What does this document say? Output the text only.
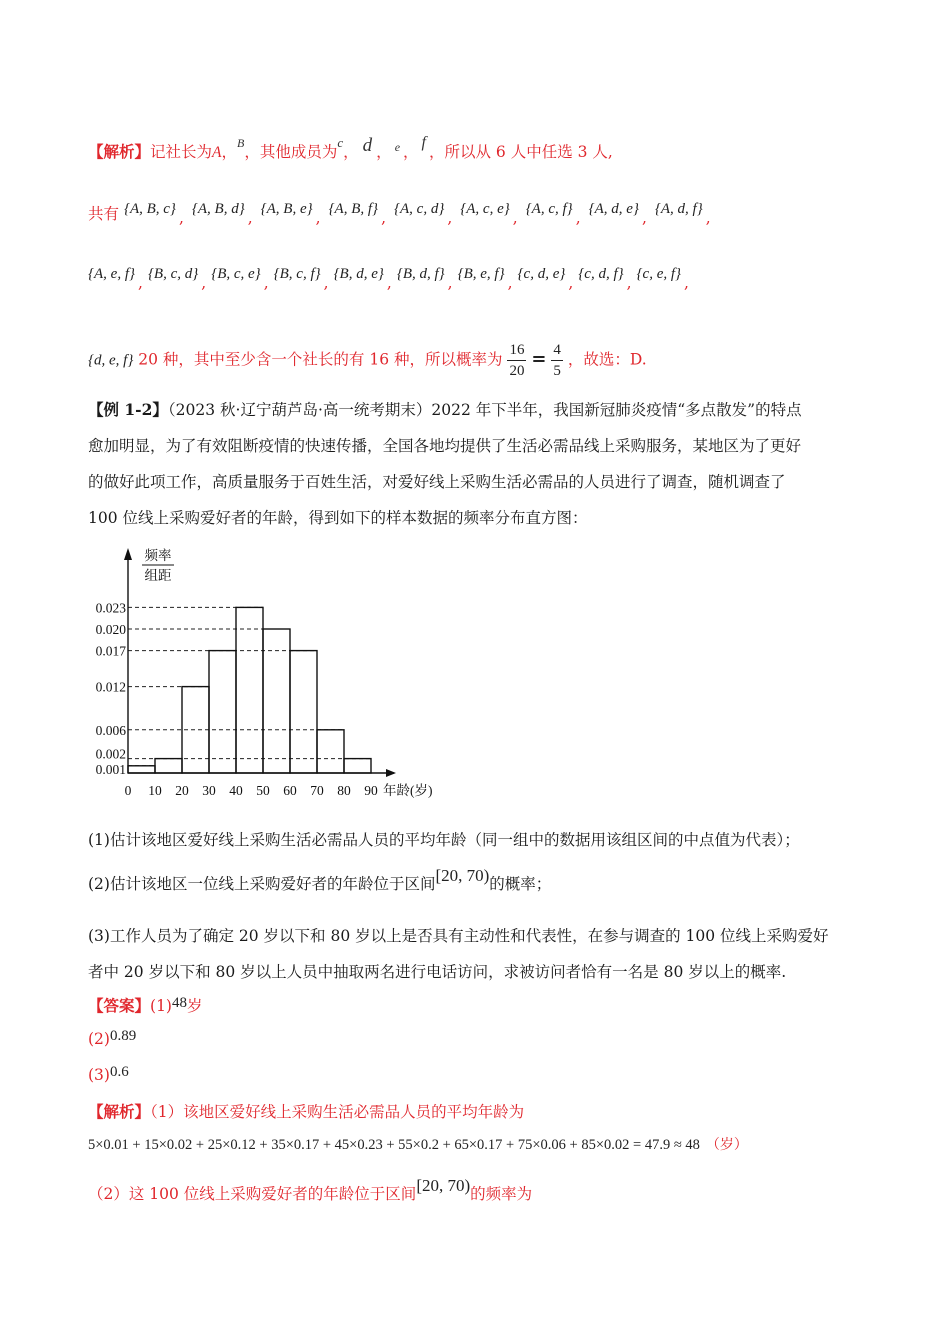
【解析】记社长为A，$^B$，其他成员为$^c$， d ， $^e$ ，f，所以从 6 人中任选 3 人,
共有 {A, B, c} , {A, B, d} , {A, B, e} , {A, B, f} , {A, c, d} , {A, c, e} , {A, c, f} , {A, d, e} , {A, d, f} ,
{A, e, f} , {B, c, d} , {B, c, e} , {B, c, f} , {B, d, e} , {B, d, f} , {B, e, f} , {c, d, e} , {c, d, f} , {c, e, f} ,
{d, e, f} 20 种，其中至少含一个社长的有 16 种，所以概率为 $\frac{16}{20} = \frac{4}{5}$ ，故选：D.
【例 1-2】（2023 秋·辽宁葫芦岛·高一统考期末）2022 年下半年，我国新冠肺炎疫情“多点散发”的特点
愈加明显，为了有效阻断疫情的快速传播，全国各地均提供了生活必需品线上采购服务，某地区为了更好
的做好此项工作，高质量服务于百姓生活，对爱好线上采购生活必需品的人员进行了调查，随机调查了
100 位线上采购爱好者的年龄，得到如下的样本数据的频率分布直方图：
0.023
0.020
0.017
0.012
0.006
0.002
0.001
0 10 20 30 40 50 60 70 80 90 年龄(岁)
频率
组距
(1)估计该地区爱好线上采购生活必需品人员的平均年龄（同一组中的数据用该组区间的中点值为代表）；
(2)估计该地区一位线上采购爱好者的年龄位于区间[20, 70)的概率；
(3)工作人员为了确定 20 岁以下和 80 岁以上是否具有主动性和代表性，在参与调查的 100 位线上采购爱好
者中 20 岁以下和 80 岁以上人员中抽取两名进行电话访问，求被访问者恰有一名是 80 岁以上的概率.
【答案】(1)48岁
(2)0.89
(3)0.6
【解析】（1）该地区爱好线上采购生活必需品人员的平均年龄为
5×0.01 + 15×0.02 + 25×0.12 + 35×0.17 + 45×0.23 + 55×0.2 + 65×0.17 + 75×0.06 + 85×0.02 = 47.9 ≈ 48 （岁）
（2）这 100 位线上采购爱好者的年龄位于区间[20, 70)的频率为
